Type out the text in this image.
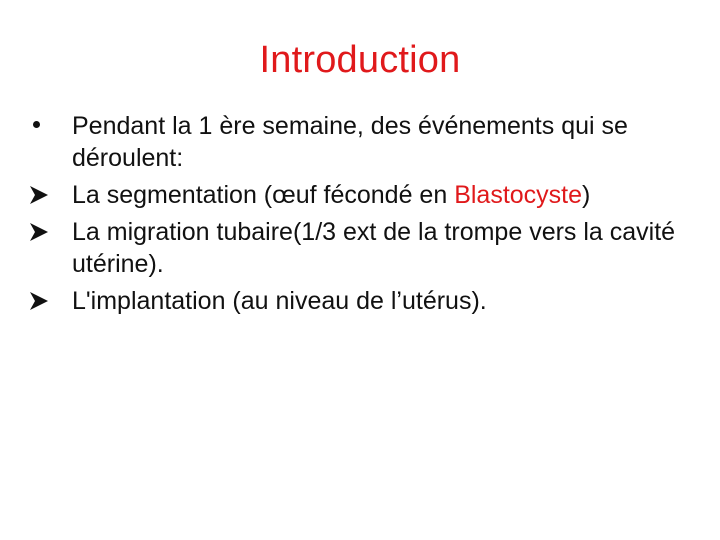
Introduction
Pendant la 1 ère semaine, des événements qui se déroulent:
La segmentation (œuf fécondé en Blastocyste)
La migration tubaire(1/3 ext de la trompe vers la cavité utérine).
L'implantation (au niveau de l’utérus).
